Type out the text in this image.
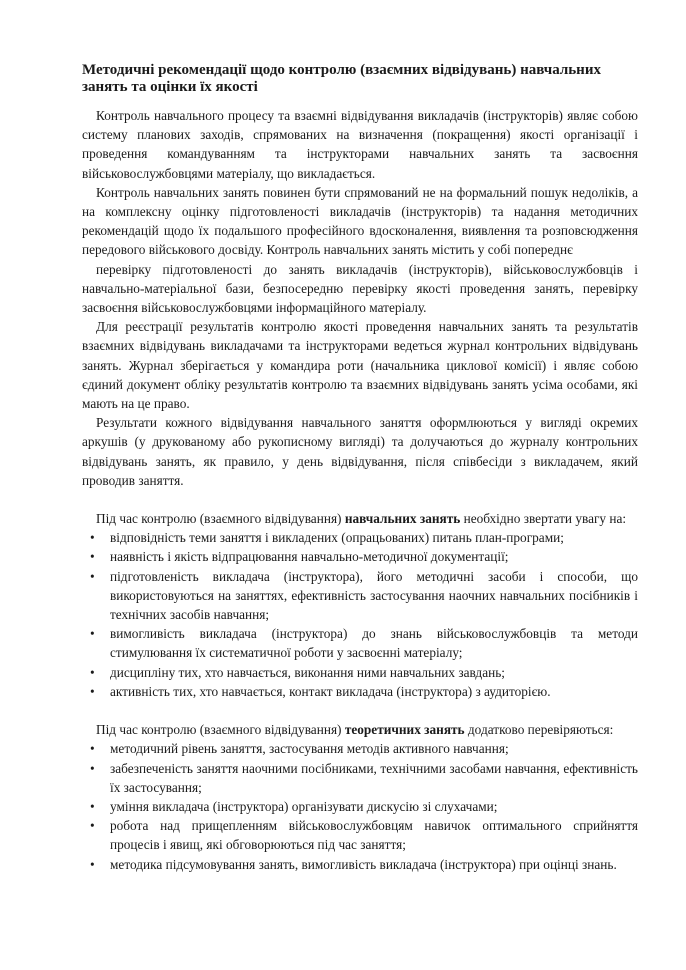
Методичні рекомендації щодо контролю (взаємних відвідувань) навчальних занять та оцінки їх якості

Контроль навчального процесу та взаємні відвідування викладачів (інструкторів) являє собою систему планових заходів, спрямованих на визначення (покращення) якості організації і проведення командуванням та інструкторами навчальних занять та засвоєння військовослужбовцями матеріалу, що викладається.

Контроль навчальних занять повинен бути спрямований не на формальний пошук недоліків, а на комплексну оцінку підготовленості викладачів (інструкторів) та надання методичних рекомендацій щодо їх подальшого професійного вдосконалення, виявлення та розповсюдження передового військового досвіду. Контроль навчальних занять містить у собі попереднє

перевірку підготовленості до занять викладачів (інструкторів), військовослужбовців і навчально-матеріальної бази, безпосередню перевірку якості проведення занять, перевірку засвоєння військовослужбовцями інформаційного матеріалу.

Для реєстрації результатів контролю якості проведення навчальних занять та результатів взаємних відвідувань викладачами та інструкторами ведеться журнал контрольних відвідувань занять. Журнал зберігається у командира роти (начальника циклової комісії) і являє собою єдиний документ обліку результатів контролю та взаємних відвідувань занять усіма особами, які мають на це право.

Результати кожного відвідування навчального заняття оформлюються у вигляді окремих аркушів (у друкованому або рукописному вигляді) та долучаються до журналу контрольних відвідувань занять, як правило, у день відвідування, після співбесіди з викладачем, який проводив заняття.

Під час контролю (взаємного відвідування) навчальних занять необхідно звертати увагу на:

• відповідність теми заняття і викладених (опрацьованих) питань план-програми;
• наявність і якість відпрацювання навчально-методичної документації;
• підготовленість викладача (інструктора), його методичні засоби і способи, що використовуються на заняттях, ефективність застосування наочних навчальних посібників і технічних засобів навчання;
• вимогливість викладача (інструктора) до знань військовослужбовців та методи стимулювання їх систематичної роботи у засвоєнні матеріалу;
• дисципліну тих, хто навчається, виконання ними навчальних завдань;
• активність тих, хто навчається, контакт викладача (інструктора) з аудиторією.

Під час контролю (взаємного відвідування) теоретичних занять додатково перевіряються:

• методичний рівень заняття, застосування методів активного навчання;
• забезпеченість заняття наочними посібниками, технічними засобами навчання, ефективність їх застосування;
• уміння викладача (інструктора) організувати дискусію зі слухачами;
• робота над прищепленням військовослужбовцям навичок оптимального сприйняття процесів і явищ, які обговорюються під час заняття;
• методика підсумовування занять, вимогливість викладача (інструктора) при оцінці знань.
